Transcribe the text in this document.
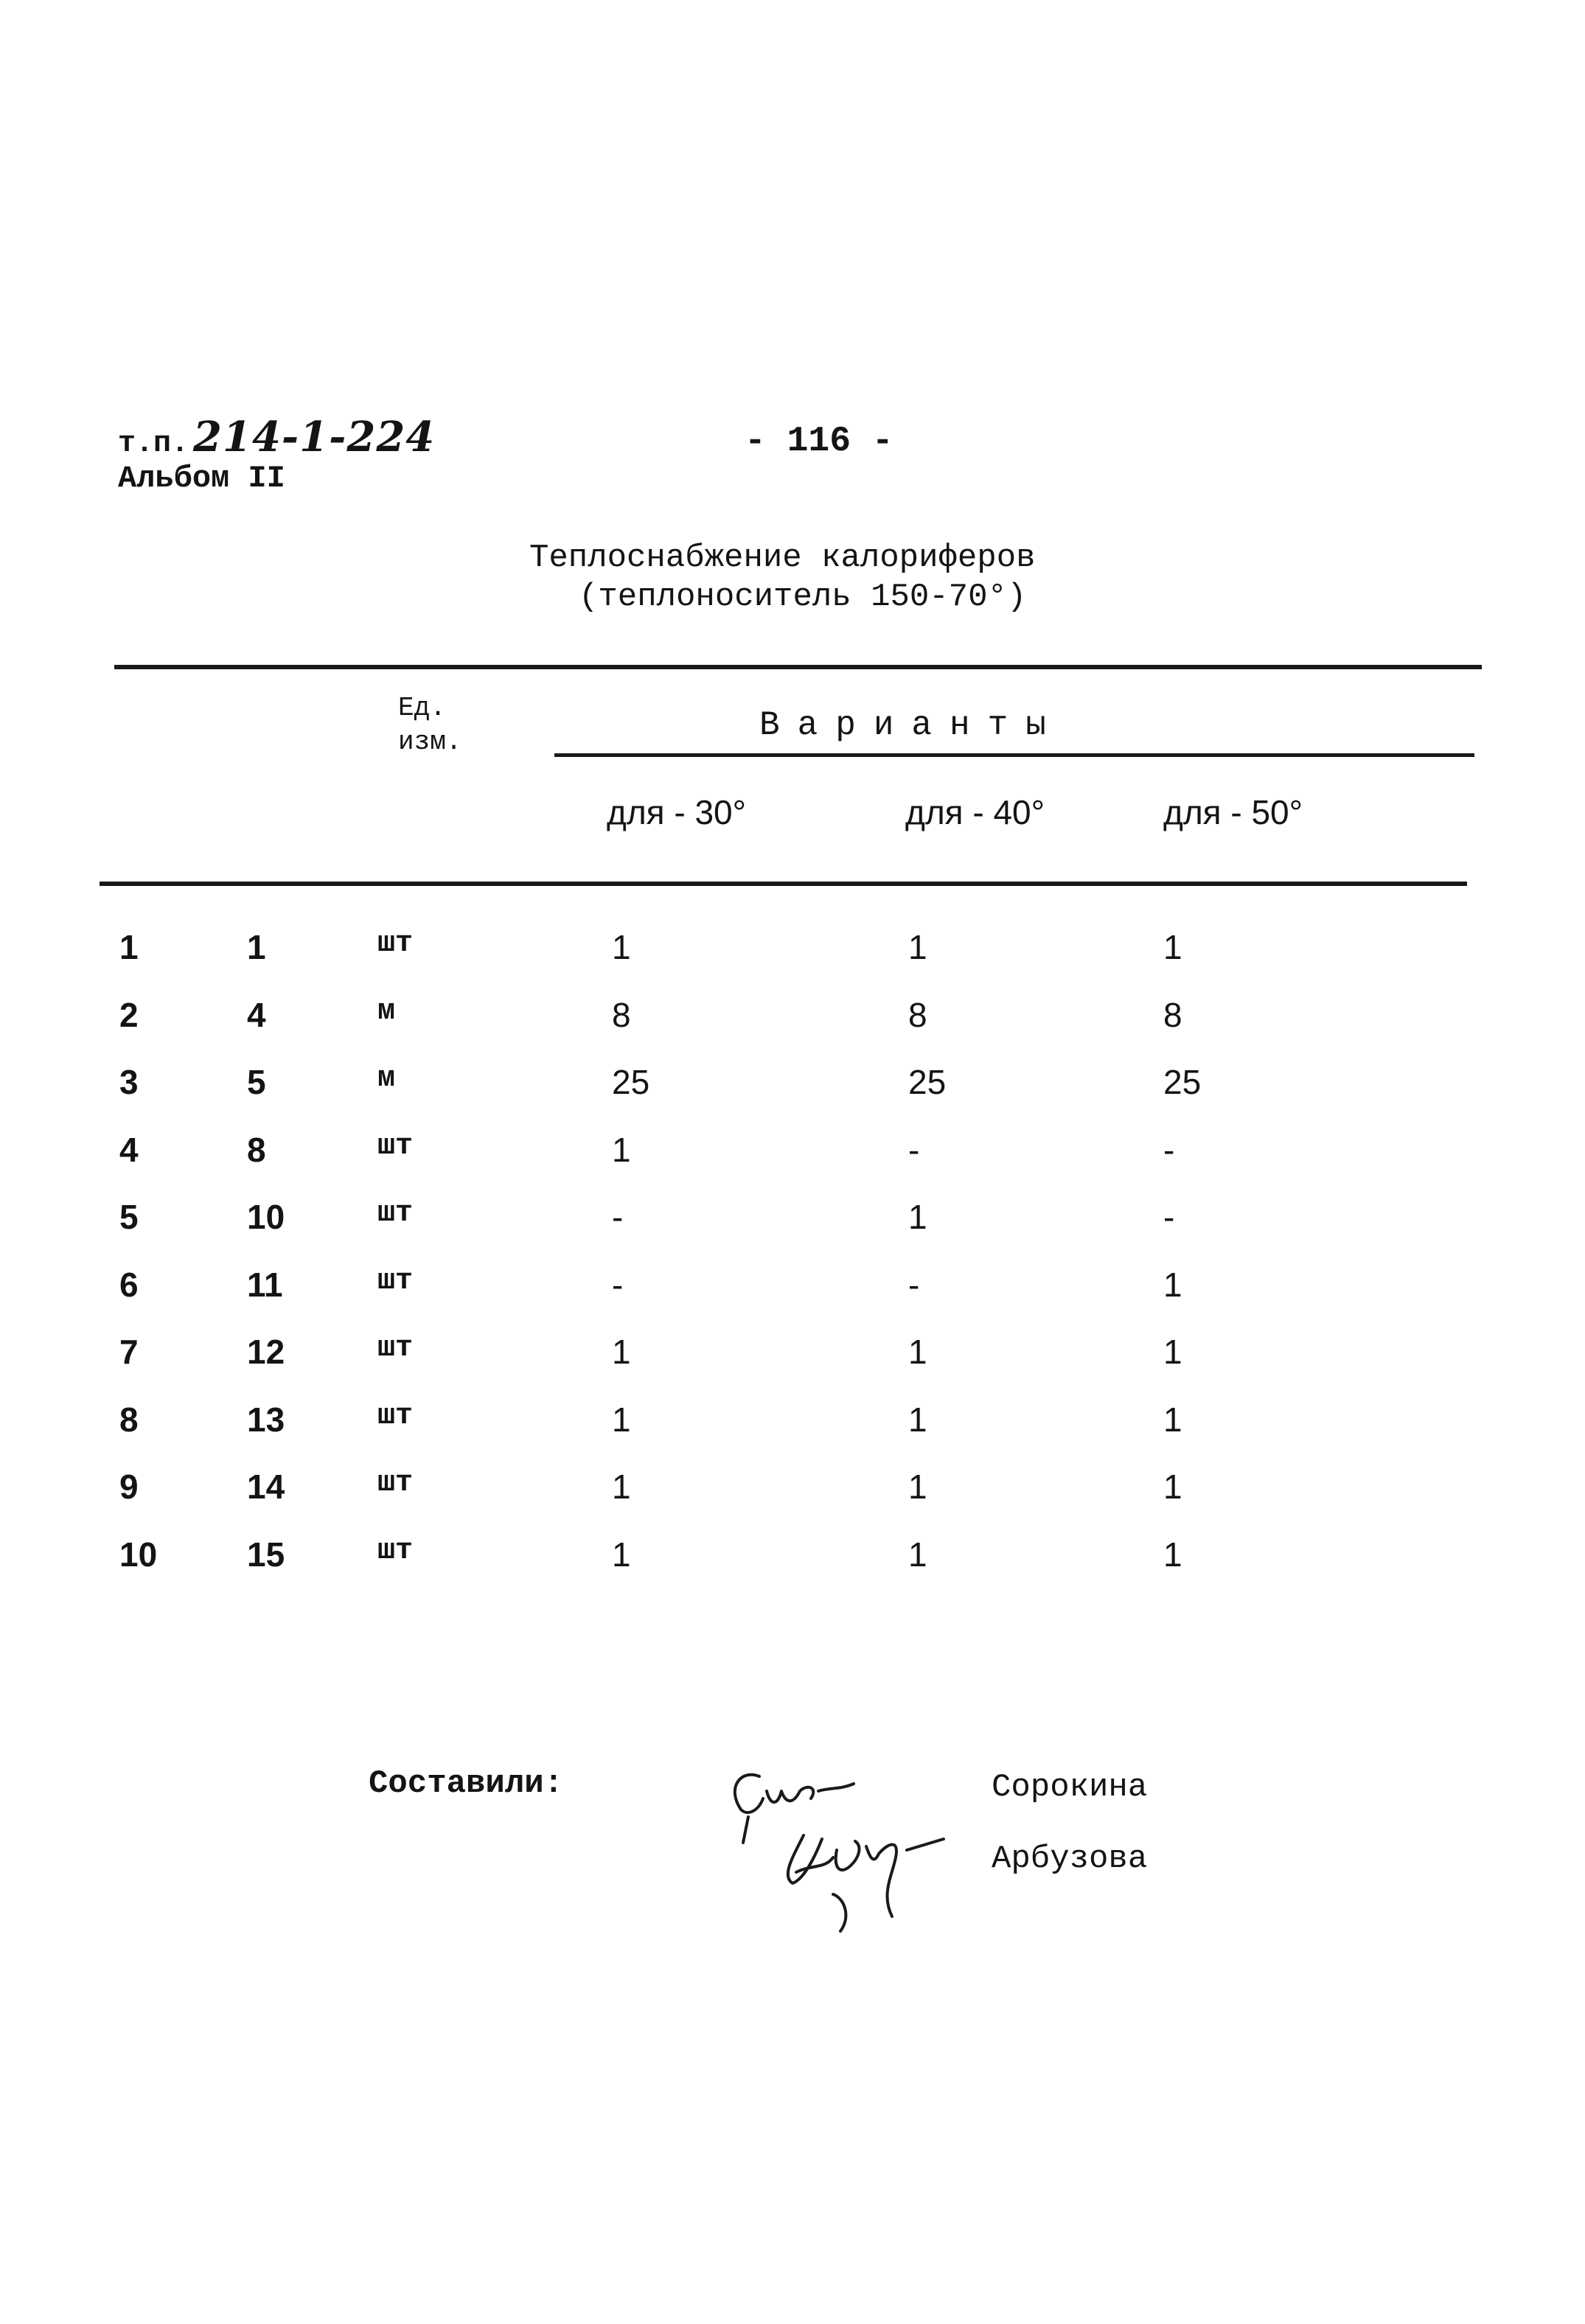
т.п. 214-1-224
Альбом II
- 116 -
Теплоснабжение калориферов
(теплоноситель 150-70°)
Ед.
изм.	Варианты
для - 30°	для - 40°	для - 50°
1	1	шт	1	1	1
2	4	м	8	8	8
3	5	м	25	25	25
4	8	шт	1	-	-
5	10	шт	-	1	-
6	11	шт	-	-	1
7	12	шт	1	1	1
8	13	шт	1	1	1
9	14	шт	1	1	1
10	15	шт	1	1	1
Составили:	Сорокина
Арбузова
